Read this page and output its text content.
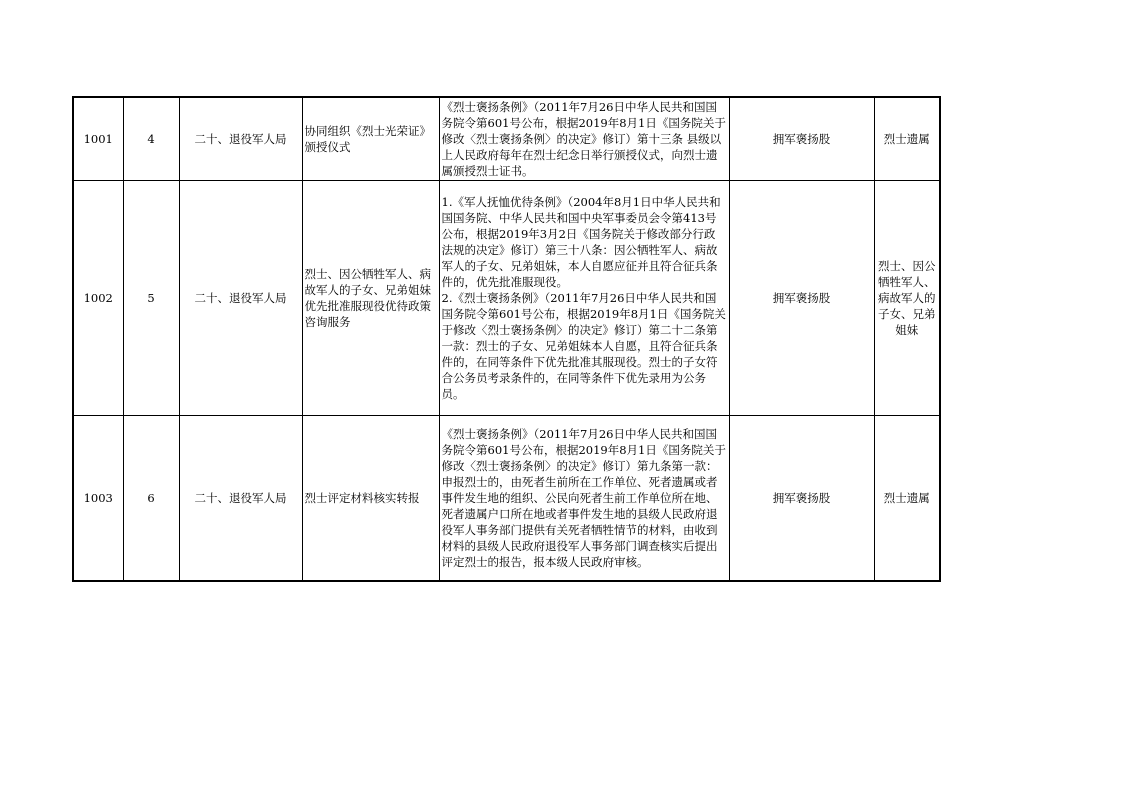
1001	4	二十、退役军人局	协同组织《烈士光荣证》颁授仪式	《烈士褒扬条例》（2011年7月26日中华人民共和国国务院令第601号公布，根据2019年8月1日《国务院关于修改〈烈士褒扬条例〉的决定》修订）第十三条 县级以上人民政府每年在烈士纪念日举行颁授仪式，向烈士遗属颁授烈士证书。	拥军褒扬股	烈士遗属
1002	5	二十、退役军人局	烈士、因公牺牲军人、病故军人的子女、兄弟姐妹优先批准服现役优待政策咨询服务	1.《军人抚恤优待条例》（2004年8月1日中华人民共和国国务院、中华人民共和国中央军事委员会令第413号公布，根据2019年3月2日《国务院关于修改部分行政法规的决定》修订）第三十八条：因公牺牲军人、病故军人的子女、兄弟姐妹，本人自愿应征并且符合征兵条件的，优先批准服现役。
2.《烈士褒扬条例》（2011年7月26日中华人民共和国国务院令第601号公布，根据2019年8月1日《国务院关于修改〈烈士褒扬条例〉的决定》修订）第二十二条第一款：烈士的子女、兄弟姐妹本人自愿，且符合征兵条件的，在同等条件下优先批准其服现役。烈士的子女符合公务员考录条件的，在同等条件下优先录用为公务员。	拥军褒扬股	烈士、因公牺牲军人、病故军人的子女、兄弟姐妹
1003	6	二十、退役军人局	烈士评定材料核实转报	《烈士褒扬条例》（2011年7月26日中华人民共和国国务院令第601号公布，根据2019年8月1日《国务院关于修改〈烈士褒扬条例〉的决定》修订）第九条第一款：申报烈士的，由死者生前所在工作单位、死者遗属或者事件发生地的组织、公民向死者生前工作单位所在地、死者遗属户口所在地或者事件发生地的县级人民政府退役军人事务部门提供有关死者牺牲情节的材料，由收到材料的县级人民政府退役军人事务部门调查核实后提出评定烈士的报告，报本级人民政府审核。	拥军褒扬股	烈士遗属
